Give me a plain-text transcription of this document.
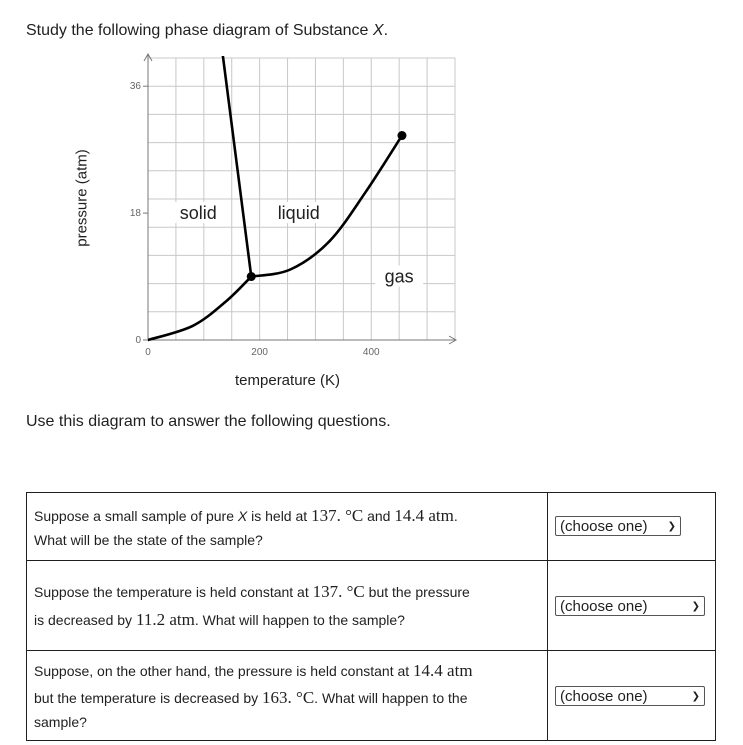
Study the following phase diagram of Substance X.
0	200	400
0
18
36
solid	liquid
gas
pressure (atm)
temperature (K)
Use this diagram to answer the following questions.
Suppose a small sample of pure X is held at 137. °C and 14.4 atm.
What will be the state of the sample?	(choose one) ❯

Suppose the temperature is held constant at 137. °C but the pressure
is decreased by 11.2 atm. What will happen to the sample?	(choose one) ❯

Suppose, on the other hand, the pressure is held constant at 14.4 atm
but the temperature is decreased by 163. °C. What will happen to the
sample?	(choose one) ❯
